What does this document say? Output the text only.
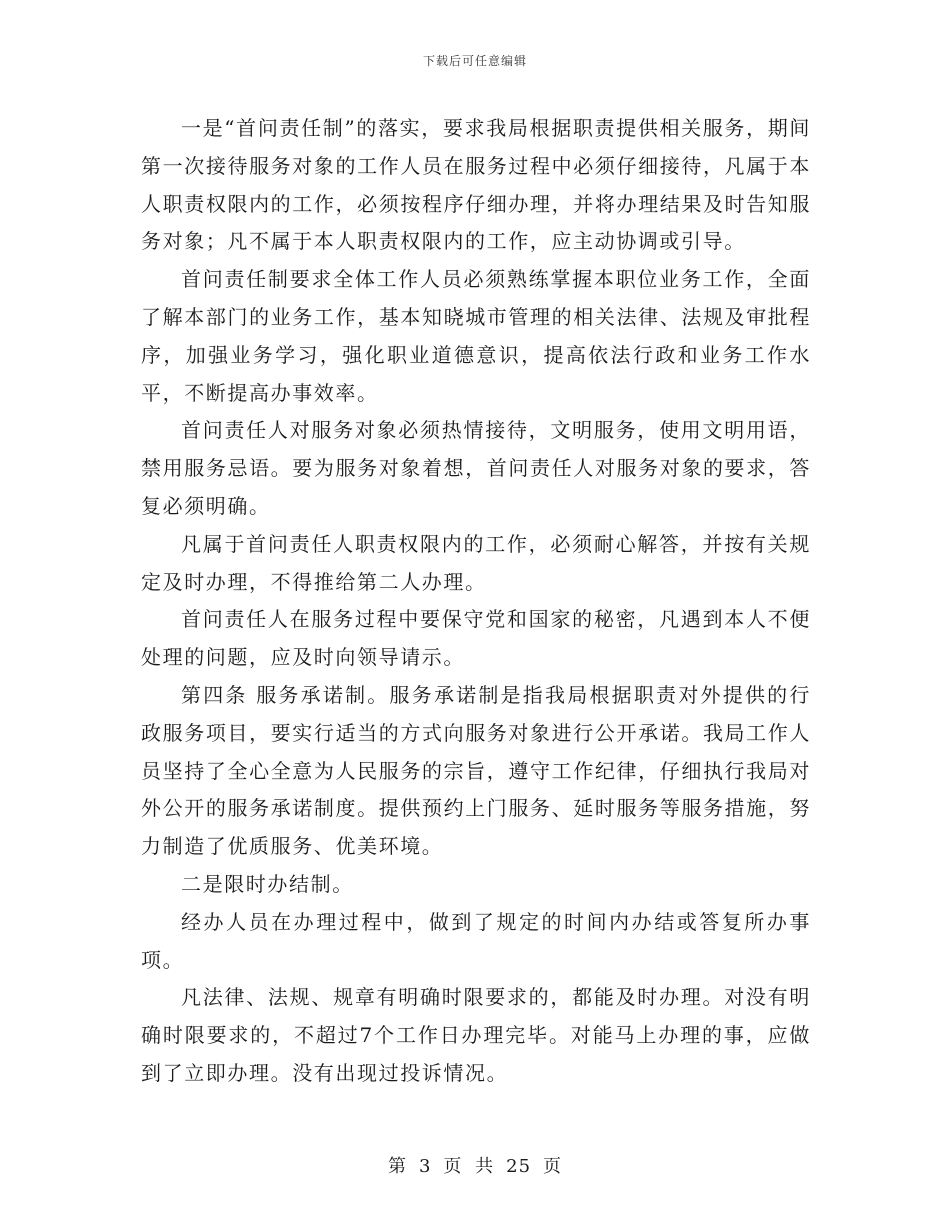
下载后可任意编辑

一是“首问责任制”的落实，要求我局根据职责提供相关服务，期间第一次接待服务对象的工作人员在服务过程中必须仔细接待，凡属于本人职责权限内的工作，必须按程序仔细办理，并将办理结果及时告知服务对象；凡不属于本人职责权限内的工作，应主动协调或引导。

首问责任制要求全体工作人员必须熟练掌握本职位业务工作，全面了解本部门的业务工作，基本知晓城市管理的相关法律、法规及审批程序，加强业务学习，强化职业道德意识，提高依法行政和业务工作水平，不断提高办事效率。

首问责任人对服务对象必须热情接待，文明服务，使用文明用语，禁用服务忌语。要为服务对象着想，首问责任人对服务对象的要求，答复必须明确。

凡属于首问责任人职责权限内的工作，必须耐心解答，并按有关规定及时办理，不得推给第二人办理。

首问责任人在服务过程中要保守党和国家的秘密，凡遇到本人不便处理的问题，应及时向领导请示。

第四条 服务承诺制。服务承诺制是指我局根据职责对外提供的行政服务项目，要实行适当的方式向服务对象进行公开承诺。我局工作人员坚持了全心全意为人民服务的宗旨，遵守工作纪律，仔细执行我局对外公开的服务承诺制度。提供预约上门服务、延时服务等服务措施，努力制造了优质服务、优美环境。

二是限时办结制。

经办人员在办理过程中，做到了规定的时间内办结或答复所办事项。

凡法律、法规、规章有明确时限要求的，都能及时办理。对没有明确时限要求的，不超过7个工作日办理完毕。对能马上办理的事，应做到了立即办理。没有出现过投诉情况。

第 3 页 共 25 页
